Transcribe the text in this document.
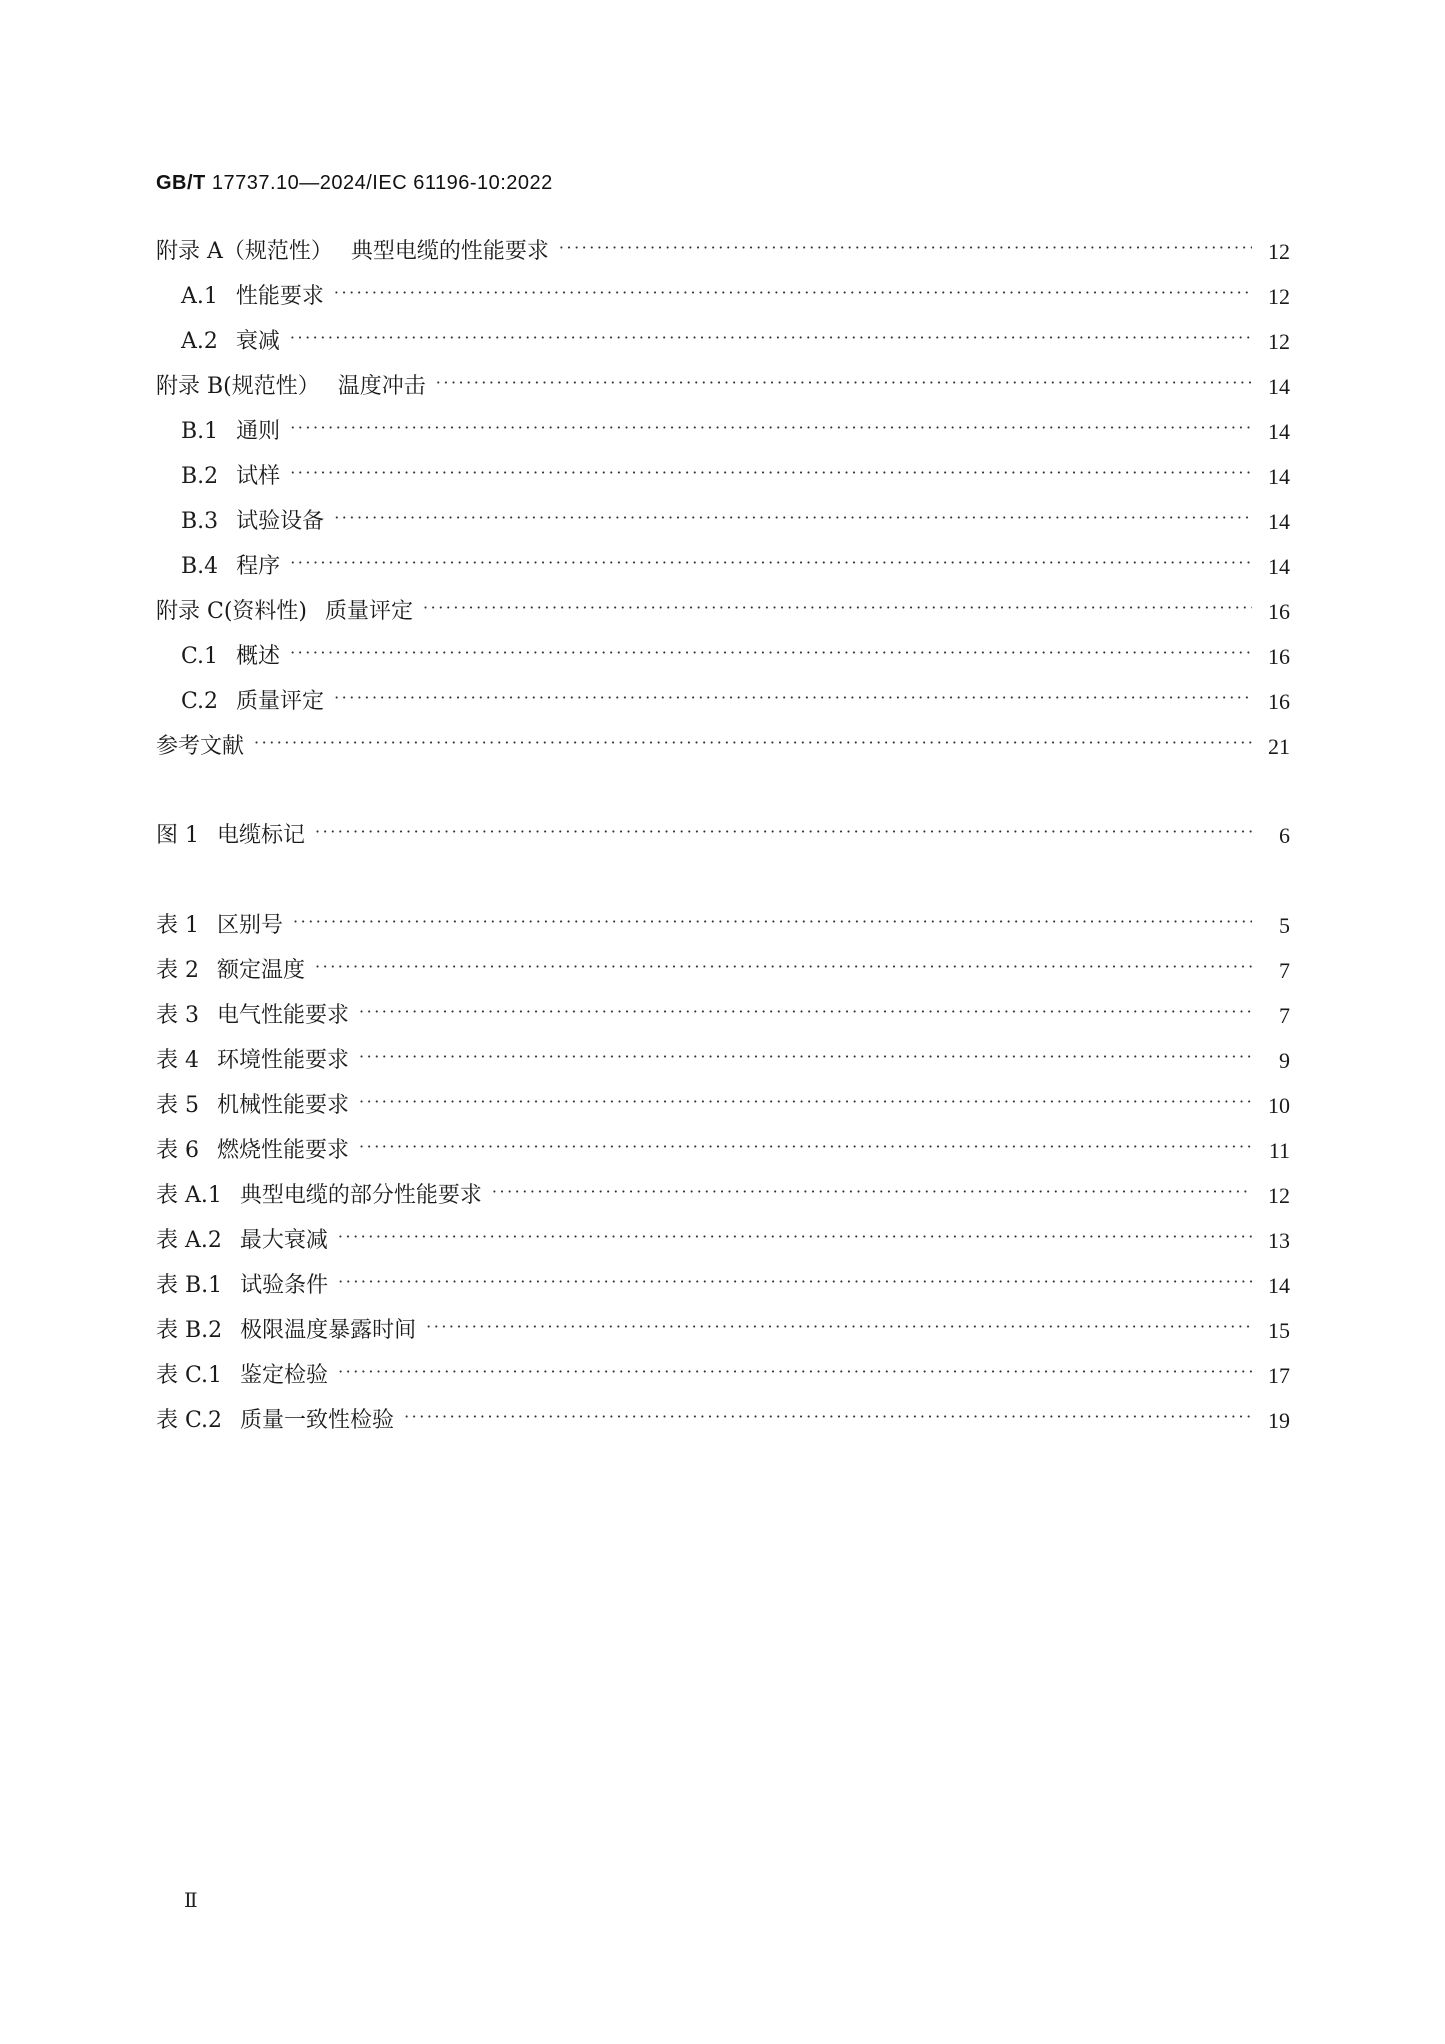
GB/T 17737.10—2024/IEC 61196-10:2022
附录 A（规范性） 典型电缆的性能要求 ·····	12
A.1 性能要求 ·····	12
A.2 衰减 ·····	12
附录 B(规范性） 温度冲击 ·····	14
B.1 通则 ·····	14
B.2 试样 ·····	14
B.3 试验设备 ·····	14
B.4 程序 ·····	14
附录 C(资料性) 质量评定 ·····	16
C.1 概述 ·····	16
C.2 质量评定 ·····	16
参考文献 ·····	21
图 1 电缆标记 ·····	6
表 1 区别号 ·····	5
表 2 额定温度 ·····	7
表 3 电气性能要求 ·····	7
表 4 环境性能要求 ·····	9
表 5 机械性能要求 ·····	10
表 6 燃烧性能要求 ·····	11
表 A.1 典型电缆的部分性能要求 ·····	12
表 A.2 最大衰减 ·····	13
表 B.1 试验条件 ·····	14
表 B.2 极限温度暴露时间 ·····	15
表 C.1 鉴定检验 ·····	17
表 C.2 质量一致性检验 ·····	19
Ⅱ
